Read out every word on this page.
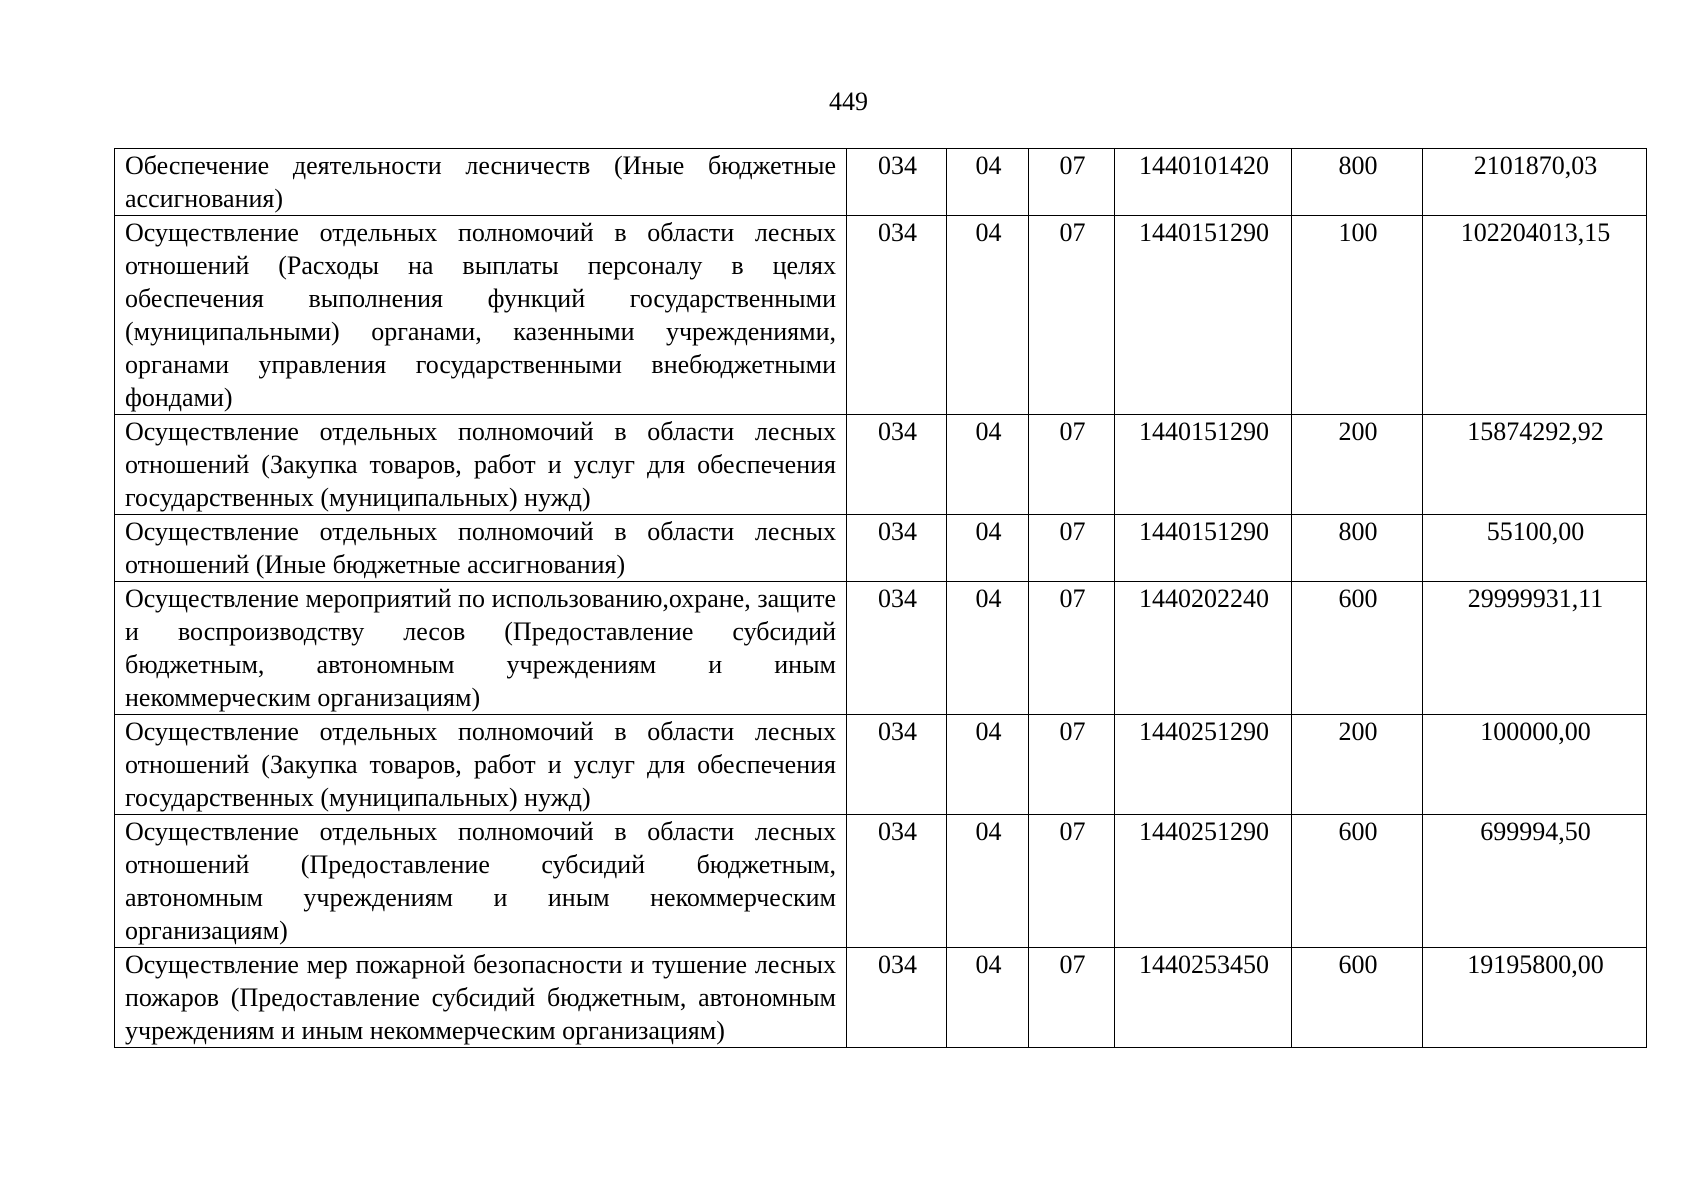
449
Обеспечение деятельности лесничеств (Иные бюджетные ассигнования)	034	04	07	1440101420	800	2101870,03
Осуществление отдельных полномочий в области лесных отношений (Расходы на выплаты персоналу в целях обеспечения выполнения функций государственными (муниципальными) органами, казенными учреждениями, органами управления государственными внебюджетными фондами)	034	04	07	1440151290	100	102204013,15
Осуществление отдельных полномочий в области лесных отношений (Закупка товаров, работ и услуг для обеспечения государственных (муниципальных) нужд)	034	04	07	1440151290	200	15874292,92
Осуществление отдельных полномочий в области лесных отношений (Иные бюджетные ассигнования)	034	04	07	1440151290	800	55100,00
Осуществление мероприятий по использованию,охране, защите и воспроизводству лесов (Предоставление субсидий бюджетным, автономным учреждениям и иным некоммерческим организациям)	034	04	07	1440202240	600	29999931,11
Осуществление отдельных полномочий в области лесных отношений (Закупка товаров, работ и услуг для обеспечения государственных (муниципальных) нужд)	034	04	07	1440251290	200	100000,00
Осуществление отдельных полномочий в области лесных отношений (Предоставление субсидий бюджетным, автономным учреждениям и иным некоммерческим организациям)	034	04	07	1440251290	600	699994,50
Осуществление мер пожарной безопасности и тушение лесных пожаров (Предоставление субсидий бюджетным, автономным учреждениям и иным некоммерческим организациям)	034	04	07	1440253450	600	19195800,00
